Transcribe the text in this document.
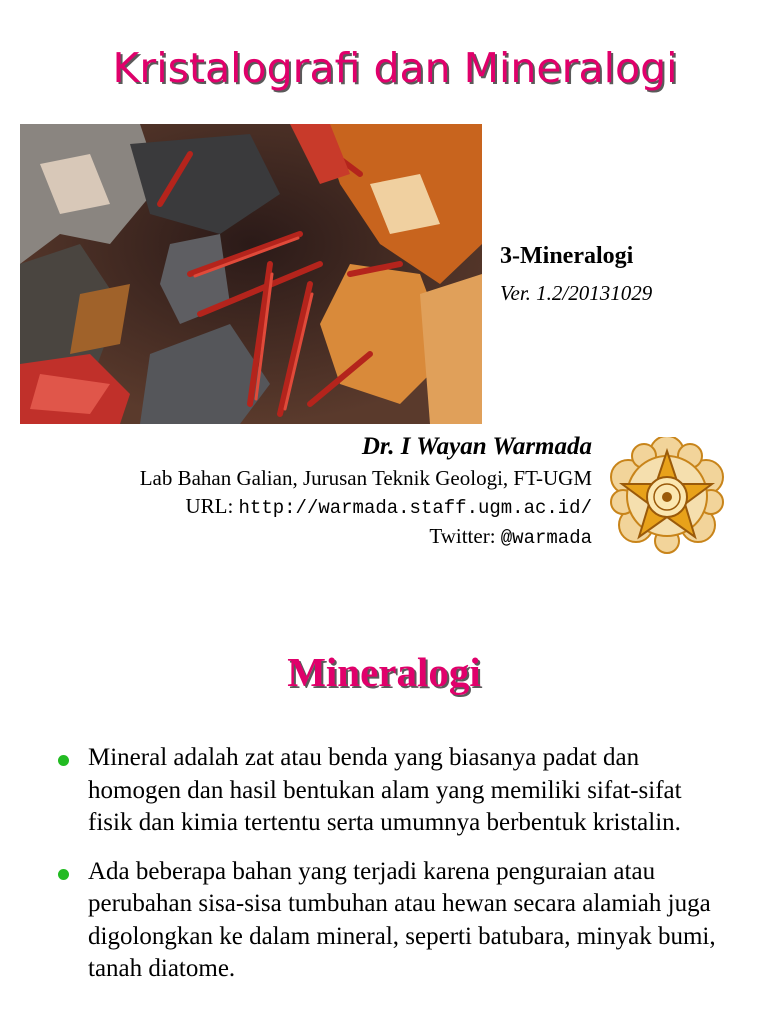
Kristalografi dan Mineralogi
3-Mineralogi
Ver. 1.2/20131029
Dr. I Wayan Warmada
Lab Bahan Galian, Jurusan Teknik Geologi, FT-UGM
URL: http://warmada.staff.ugm.ac.id/
Twitter: @warmada
Mineralogi
Mineral adalah zat atau benda yang biasanya padat dan homogen dan hasil bentukan alam yang memiliki sifat-sifat fisik dan kimia tertentu serta umumnya berbentuk kristalin.
Ada beberapa bahan yang terjadi karena penguraian atau perubahan sisa-sisa tumbuhan atau hewan secara alamiah juga digolongkan ke dalam mineral, seperti batubara, minyak bumi, tanah diatome.
